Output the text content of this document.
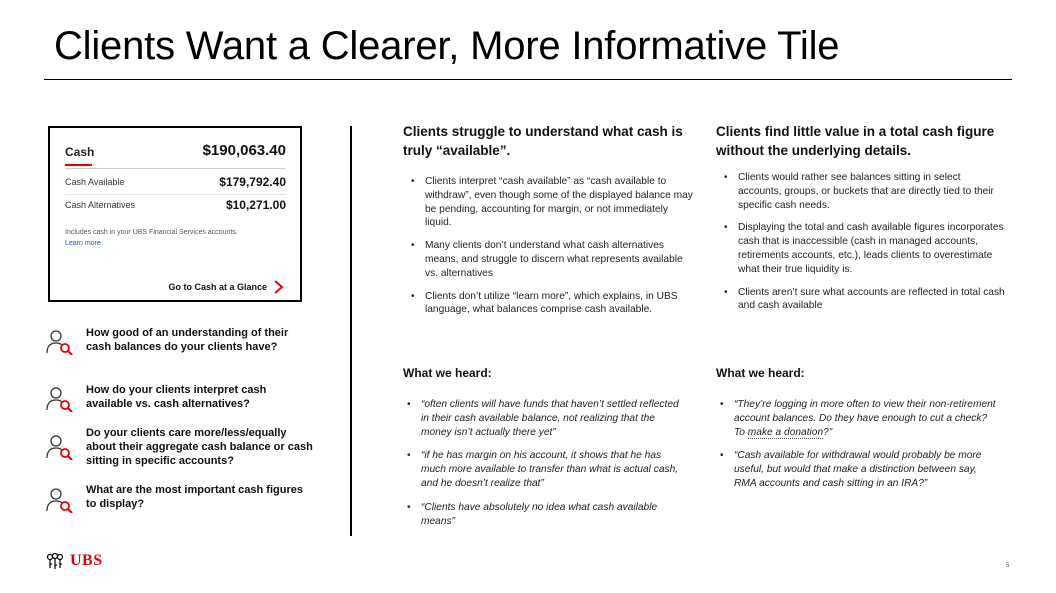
Clients Want a Clearer, More Informative Tile
Cash	$190,063.40
Cash Available	$179,792.40
Cash Alternatives	$10,271.00
Includes cash in your UBS Financial Services accounts.
Learn more
Go to Cash at a Glance
How good of an understanding of their cash balances do your clients have?
How do your clients interpret cash available vs. cash alternatives?
Do your clients care more/less/equally about their aggregate cash balance or cash sitting in specific accounts?
What are the most important cash figures to display?
Clients struggle to understand what cash is truly “available”.
• Clients interpret “cash available” as “cash available to withdraw”, even though some of the displayed balance may be pending, accounting for margin, or not immediately liquid.
• Many clients don’t understand what cash alternatives means, and struggle to discern what represents available vs. alternatives
• Clients don’t utilize “learn more”, which explains, in UBS language, what balances comprise cash available.
What we heard:
• “often clients will have funds that haven’t settled reflected in their cash available balance, not realizing that the money isn’t actually there yet”
• “if he has margin on his account, it shows that he has much more available to transfer than what is actual cash, and he doesn’t realize that”
• “Clients have absolutely no idea what cash available means”
Clients find little value in a total cash figure without the underlying details.
• Clients would rather see balances sitting in select accounts, groups, or buckets that are directly tied to their specific cash needs.
• Displaying the total and cash available figures incorporates cash that is inaccessible (cash in managed accounts, retirements accounts, etc.), leads clients to overestimate what their true liquidity is.
• Clients aren’t sure what accounts are reflected in total cash and cash available
What we heard:
• “They’re logging in more often to view their non-retirement account balances. Do they have enough to cut a check? To make a donation?”
• “Cash available for withdrawal would probably be more useful, but would that make a distinction between say, RMA accounts and cash sitting in an IRA?”
UBS	5
